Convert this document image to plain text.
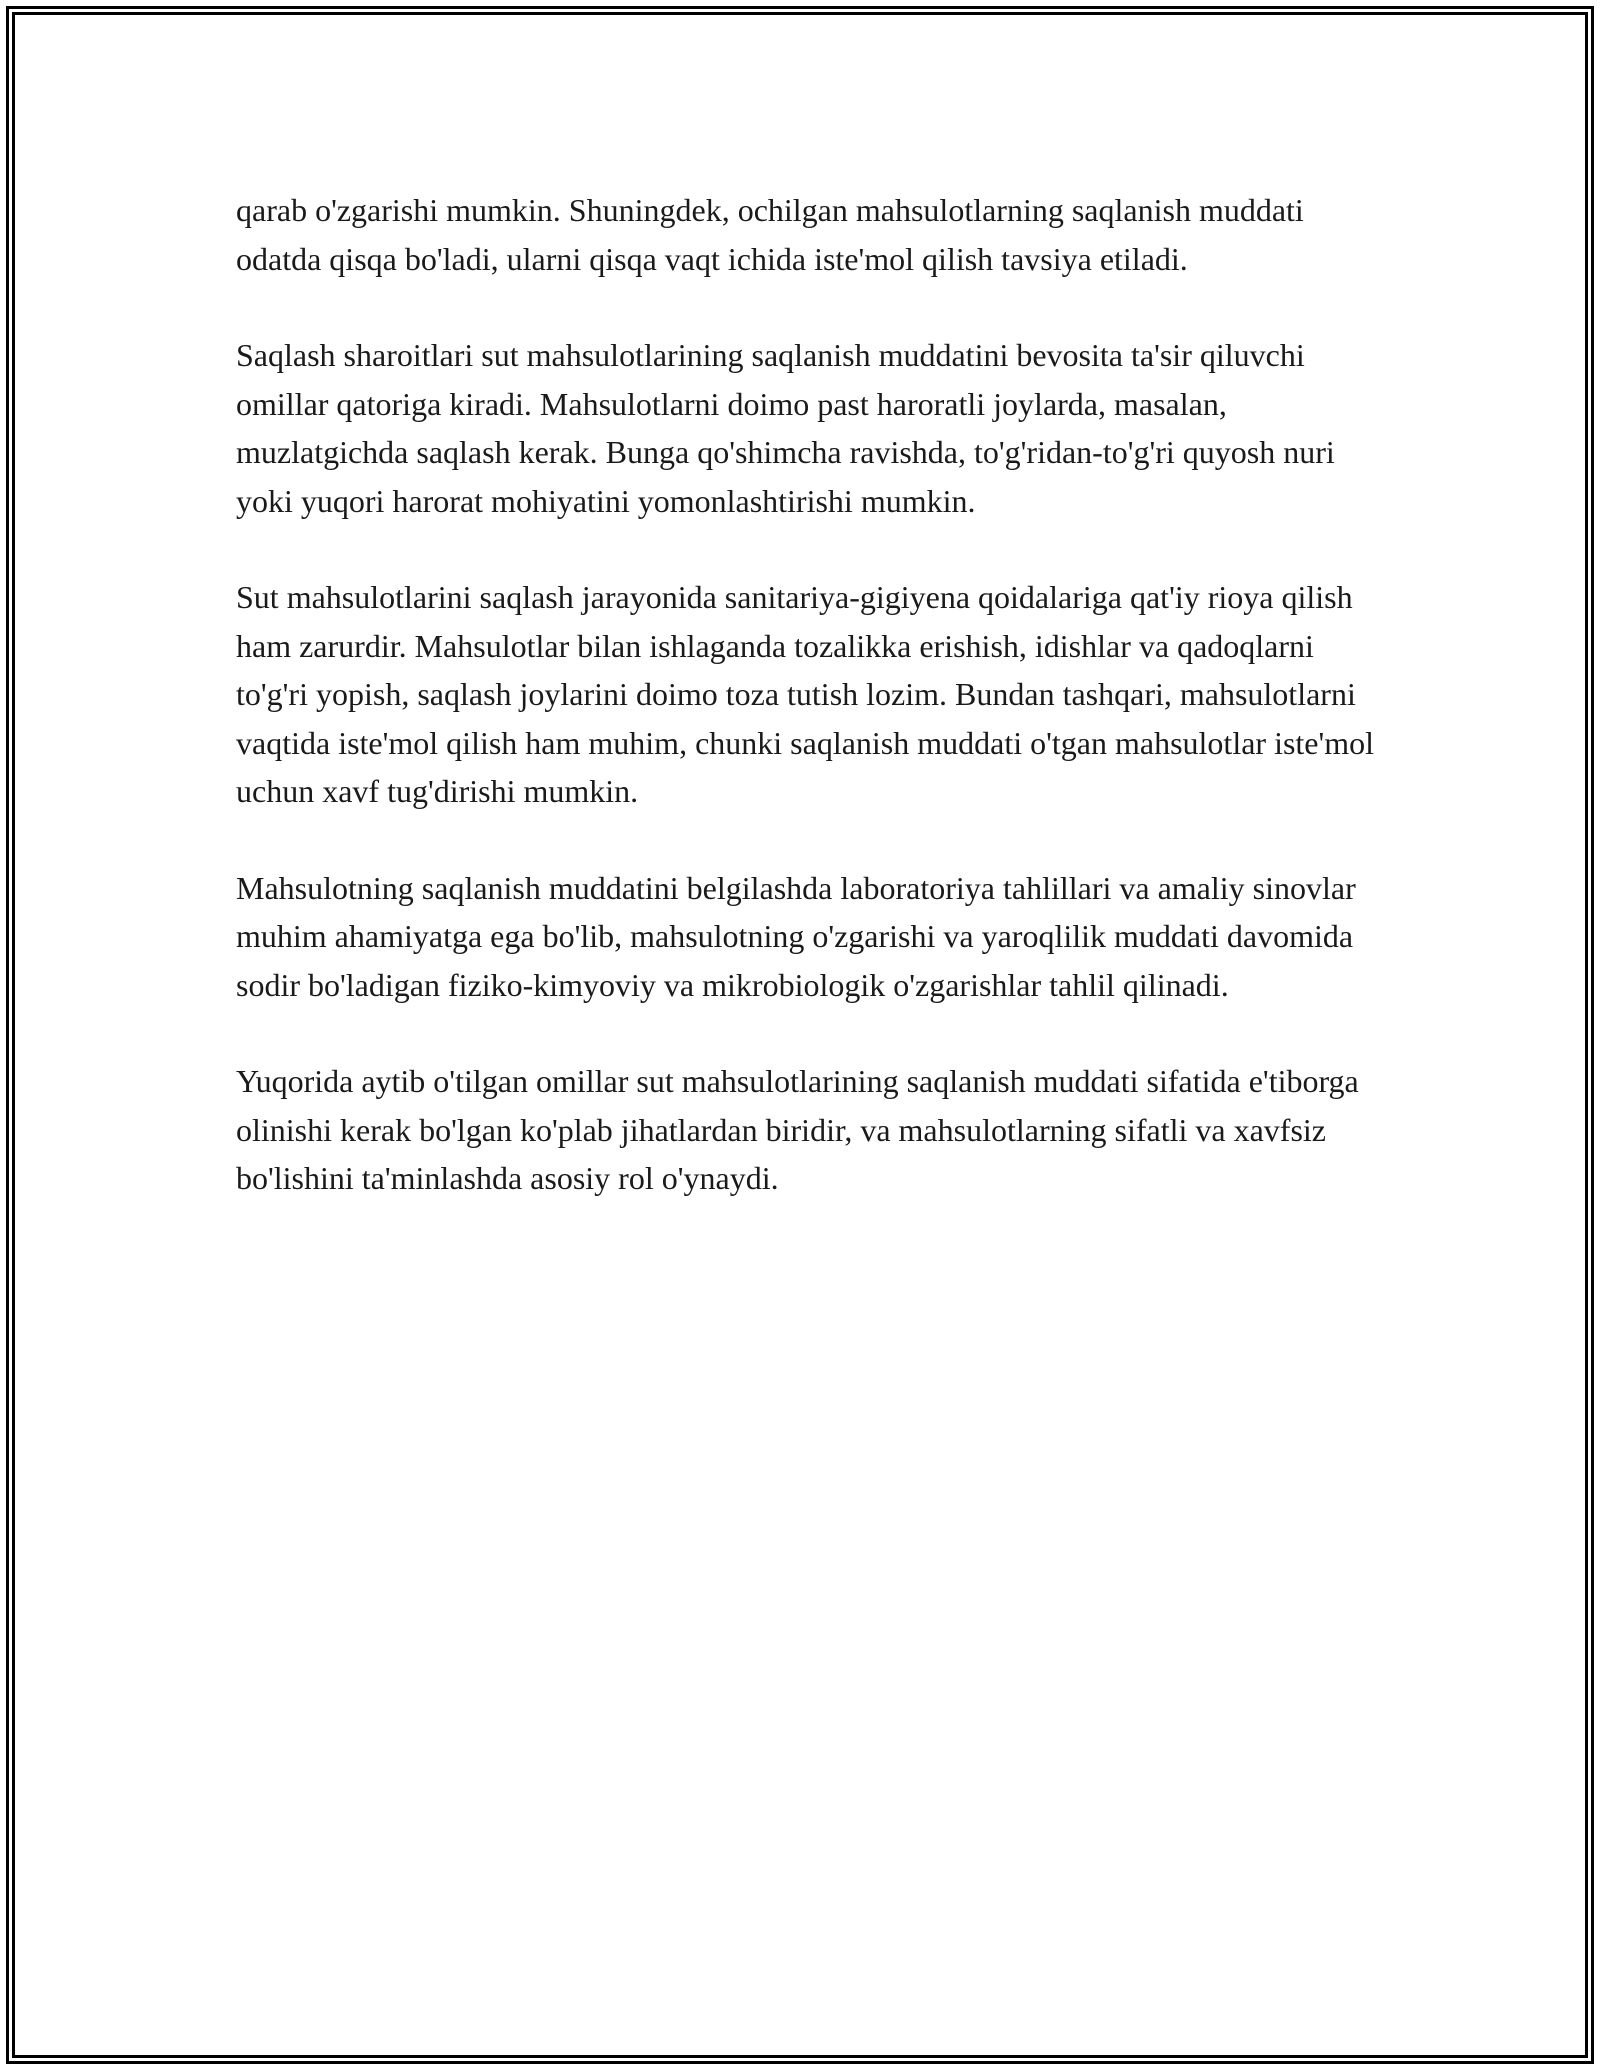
qarab o'zgarishi mumkin. Shuningdek, ochilgan mahsulotlarning saqlanish muddati odatda qisqa bo'ladi, ularni qisqa vaqt ichida iste'mol qilish tavsiya etiladi.

Saqlash sharoitlari sut mahsulotlarining saqlanish muddatini bevosita ta'sir qiluvchi omillar qatoriga kiradi. Mahsulotlarni doimo past haroratli joylarda, masalan, muzlatgichda saqlash kerak. Bunga qo'shimcha ravishda, to'g'ridan-to'g'ri quyosh nuri yoki yuqori harorat mohiyatini yomonlashtirishi mumkin.

Sut mahsulotlarini saqlash jarayonida sanitariya-gigiyena qoidalariga qat'iy rioya qilish ham zarurdir. Mahsulotlar bilan ishlaganda tozalikka erishish, idishlar va qadoqlarni to'g'ri yopish, saqlash joylarini doimo toza tutish lozim. Bundan tashqari, mahsulotlarni vaqtida iste'mol qilish ham muhim, chunki saqlanish muddati o'tgan mahsulotlar iste'mol uchun xavf tug'dirishi mumkin.

Mahsulotning saqlanish muddatini belgilashda laboratoriya tahlillari va amaliy sinovlar muhim ahamiyatga ega bo'lib, mahsulotning o'zgarishi va yaroqlilik muddati davomida sodir bo'ladigan fiziko-kimyoviy va mikrobiologik o'zgarishlar tahlil qilinadi.

Yuqorida aytib o'tilgan omillar sut mahsulotlarining saqlanish muddati sifatida e'tiborga olinishi kerak bo'lgan ko'plab jihatlardan biridir, va mahsulotlarning sifatli va xavfsiz bo'lishini ta'minlashda asosiy rol o'ynaydi.
